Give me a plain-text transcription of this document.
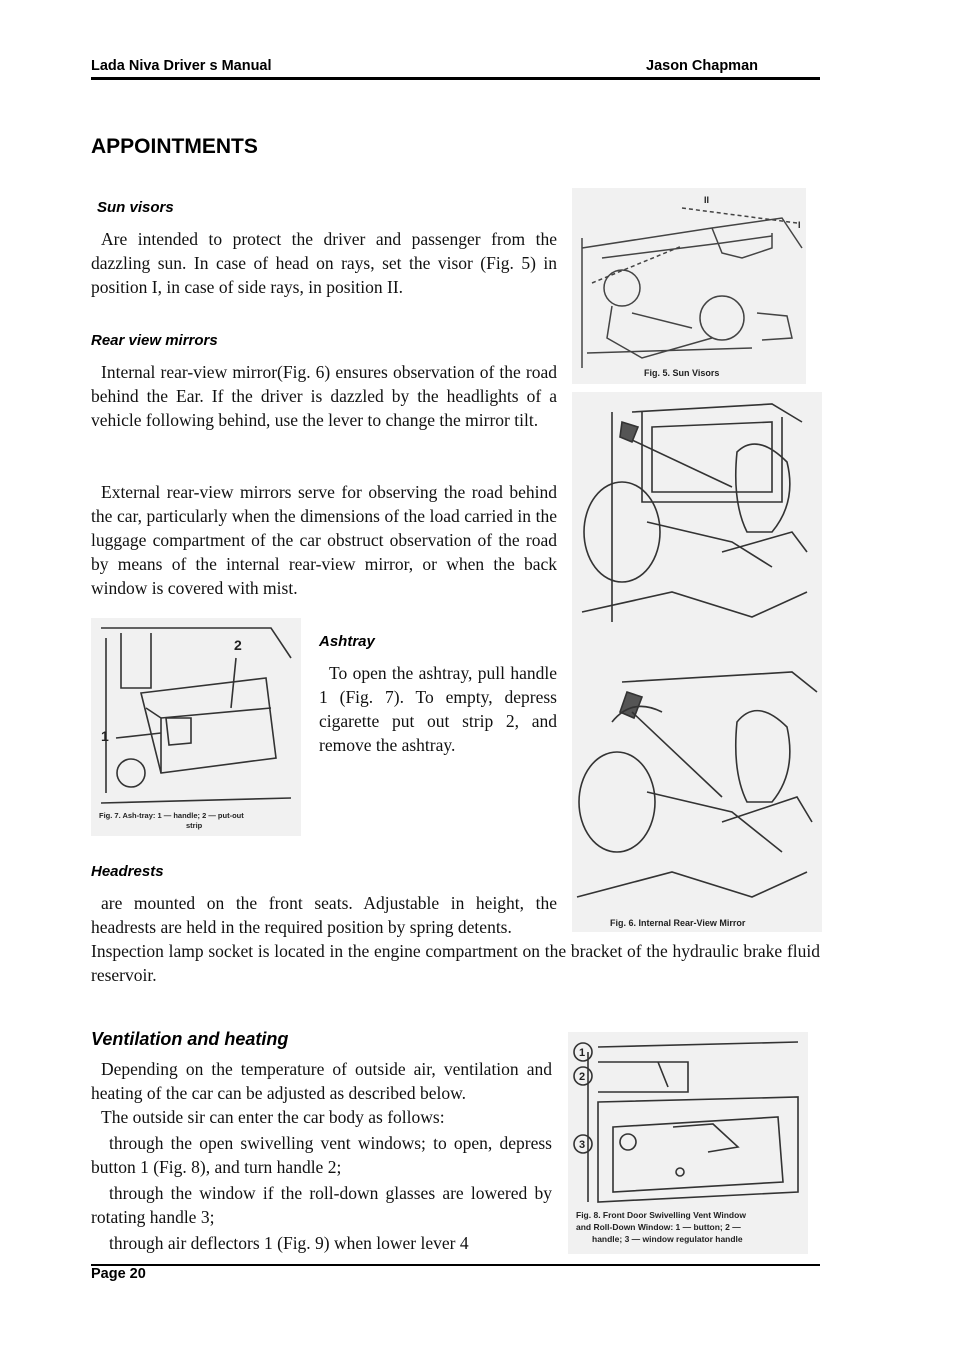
Lada Niva Driver s Manual	Jason Chapman
APPOINTMENTS
Sun visors

Are intended to protect the driver and passenger from the dazzling sun. In case of head on rays, set the visor (Fig. 5) in position I, in case of side rays, in position II.

Rear view mirrors

Internal rear-view mirror(Fig. 6) ensures observation of the road behind the Ear. If the driver is dazzled by the headlights of a vehicle following behind, use the lever to change the mirror tilt.

External rear-view mirrors serve for observing the road behind the car, particularly when the dimensions of the load carried in the luggage compartment of the car obstruct observation of the road by means of the internal rear-view mirror, or when the back window is covered with mist.

Ashtray

To open the ashtray, pull handle 1 (Fig. 7). To empty, depress cigarette put out strip 2, and remove the ashtray.

Headrests

are mounted on the front seats. Adjustable in height, the headrests are held in the required position by spring detents.

Inspection lamp socket is located in the engine compartment on the bracket of the hydraulic brake fluid reservoir.

Ventilation and heating

Depending on the temperature of outside air, ventilation and heating of the car can be adjusted as described below.

The outside sir can enter the car body as follows:

through the open swivelling vent windows; to open, depress button 1 (Fig. 8), and turn handle 2;

through the window if the roll-down glasses are lowered by rotating handle 3;

through air deflectors 1 (Fig. 9) when lower lever 4

II
I
Fig. 5. Sun Visors
Fig. 6. Internal Rear-View Mirror
1
2
Fig. 7. Ash-tray: 1 — handle; 2 — put-out
strip
1
2
3
Fig. 8. Front Door Swivelling Vent Window
and Roll-Down Window: 1 — button; 2 —
handle; 3 — window regulator handle
Page 20
